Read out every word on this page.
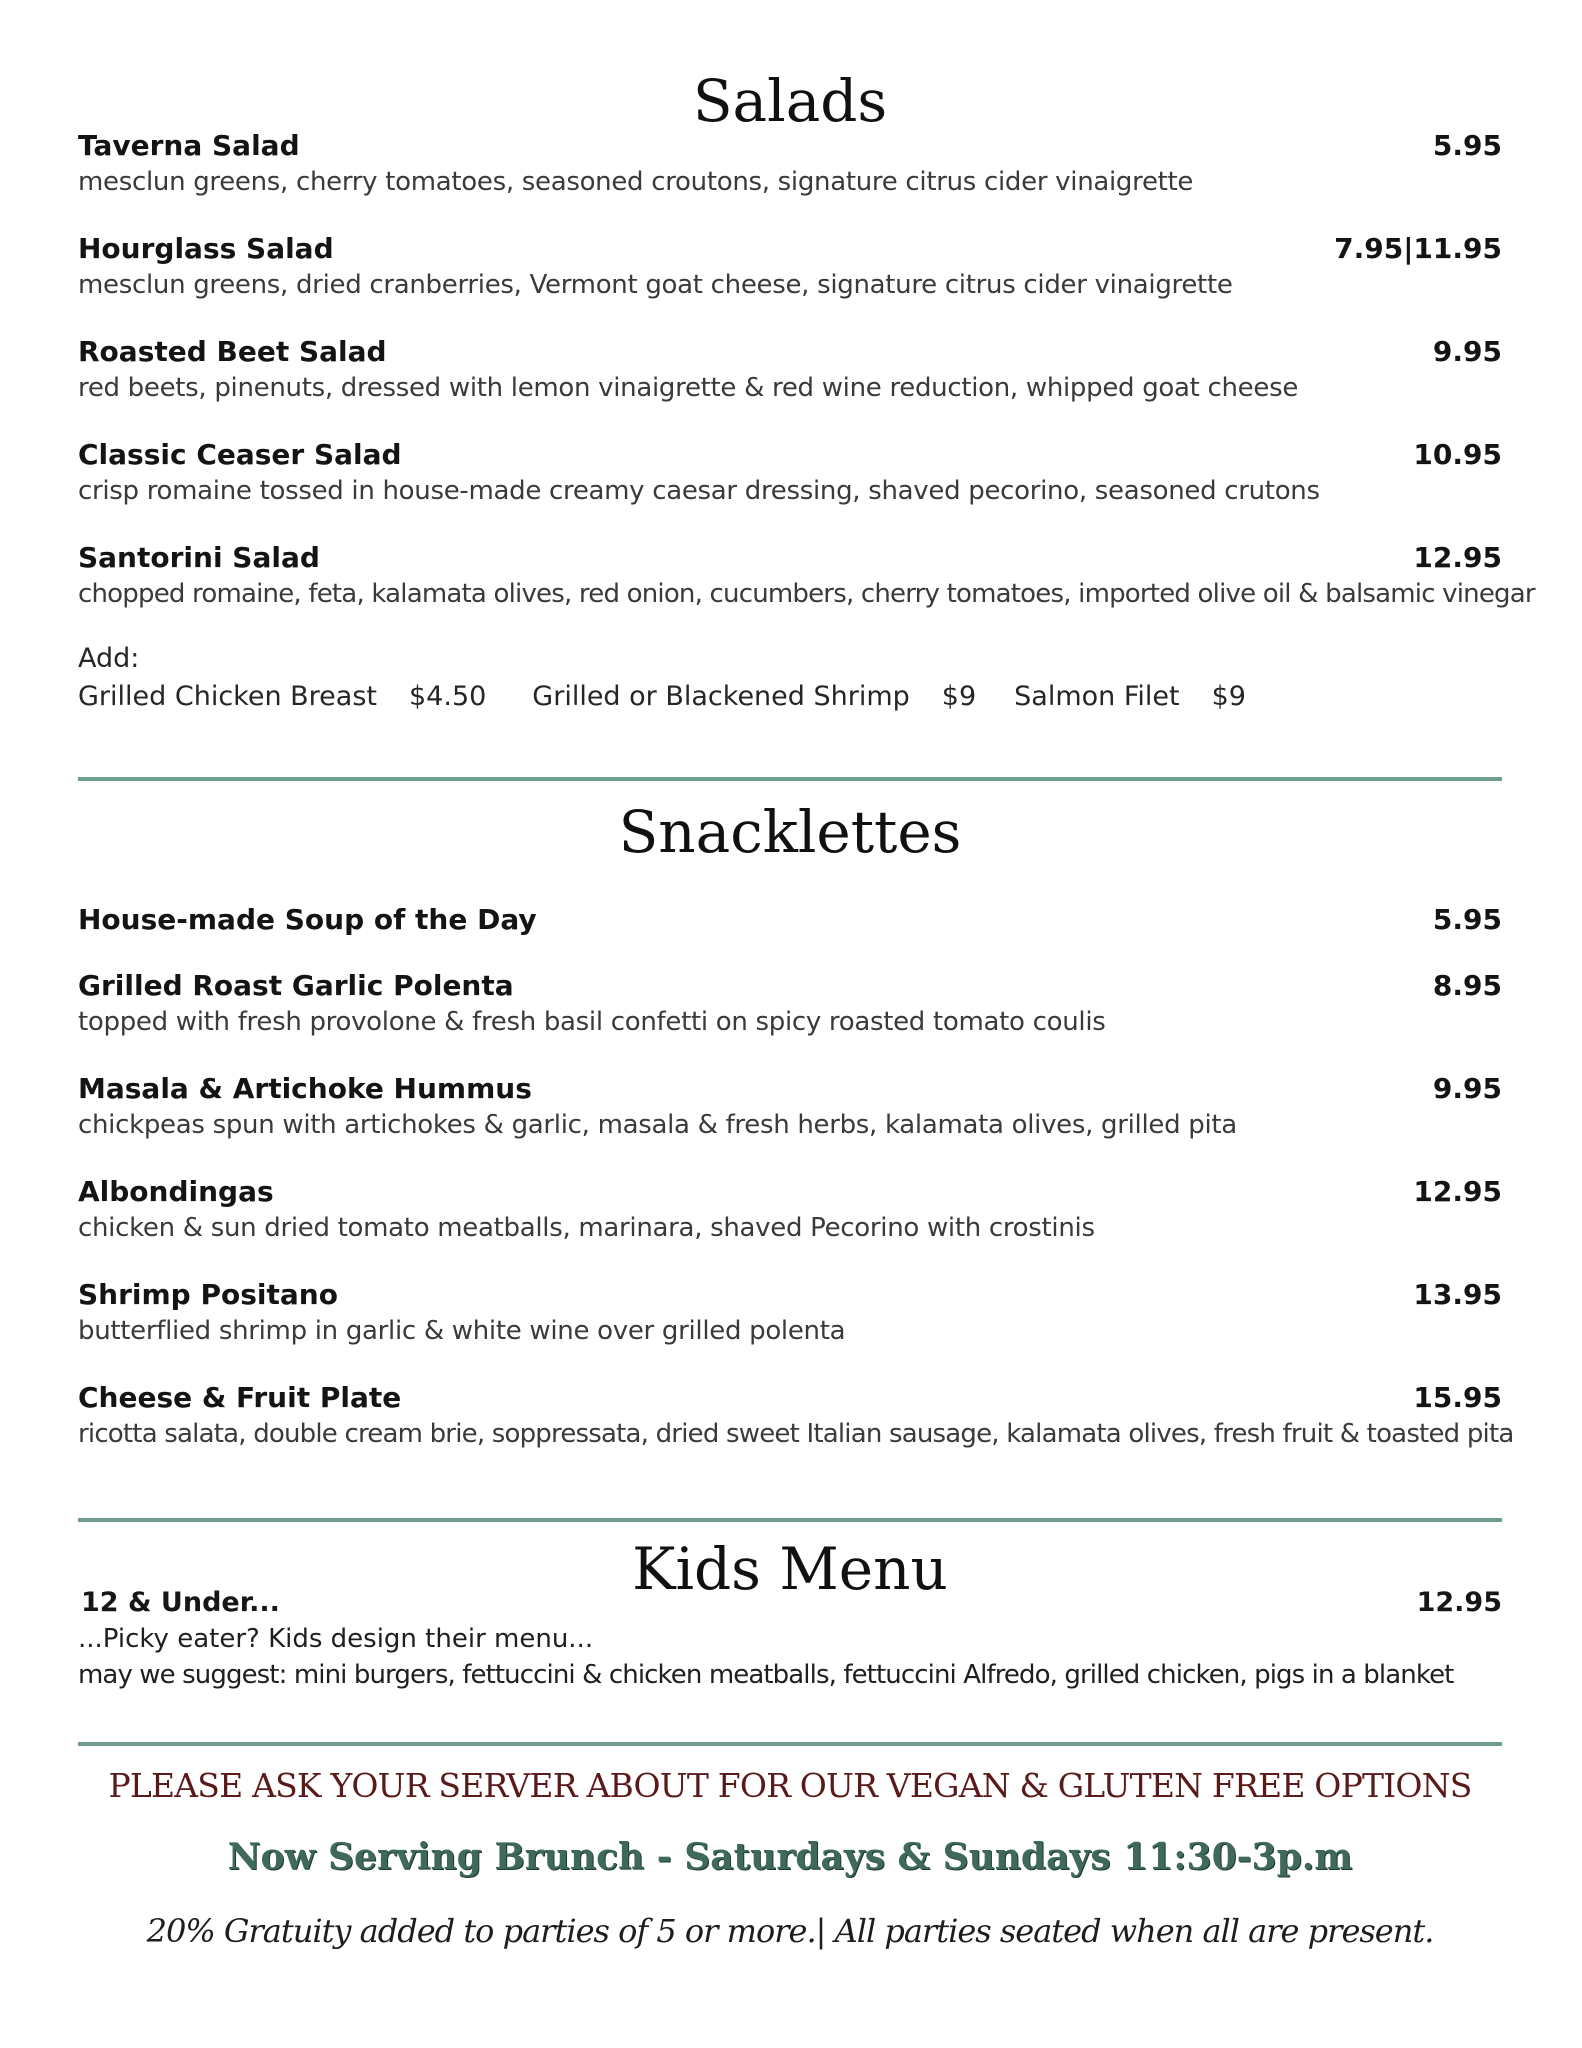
Salads
Taverna Salad	5.95
mesclun greens, cherry tomatoes, seasoned croutons, signature citrus cider vinaigrette
Hourglass Salad	7.95|11.95
mesclun greens, dried cranberries, Vermont goat cheese, signature citrus cider vinaigrette
Roasted Beet Salad	9.95
red beets, pinenuts, dressed with lemon vinaigrette & red wine reduction, whipped goat cheese
Classic Ceaser Salad	10.95
crisp romaine tossed in house-made creamy caesar dressing, shaved pecorino, seasoned crutons
Santorini Salad	12.95
chopped romaine, feta, kalamata olives, red onion, cucumbers, cherry tomatoes, imported olive oil & balsamic vinegar
Add:
Grilled Chicken Breast $4.50 Grilled or Blackened Shrimp $9 Salmon Filet $9
Snacklettes
House-made Soup of the Day	5.95
Grilled Roast Garlic Polenta	8.95
topped with fresh provolone & fresh basil confetti on spicy roasted tomato coulis
Masala & Artichoke Hummus	9.95
chickpeas spun with artichokes & garlic, masala & fresh herbs, kalamata olives, grilled pita
Albondingas	12.95
chicken & sun dried tomato meatballs, marinara, shaved Pecorino with crostinis
Shrimp Positano	13.95
butterflied shrimp in garlic & white wine over grilled polenta
Cheese & Fruit Plate	15.95
ricotta salata, double cream brie, soppressata, dried sweet Italian sausage, kalamata olives, fresh fruit & toasted pita
Kids Menu
12 & Under...	12.95
...Picky eater? Kids design their menu...
may we suggest: mini burgers, fettuccini & chicken meatballs, fettuccini Alfredo, grilled chicken, pigs in a blanket
PLEASE ASK YOUR SERVER ABOUT FOR OUR VEGAN & GLUTEN FREE OPTIONS
Now Serving Brunch - Saturdays & Sundays 11:30-3p.m
20% Gratuity added to parties of 5 or more.| All parties seated when all are present.
